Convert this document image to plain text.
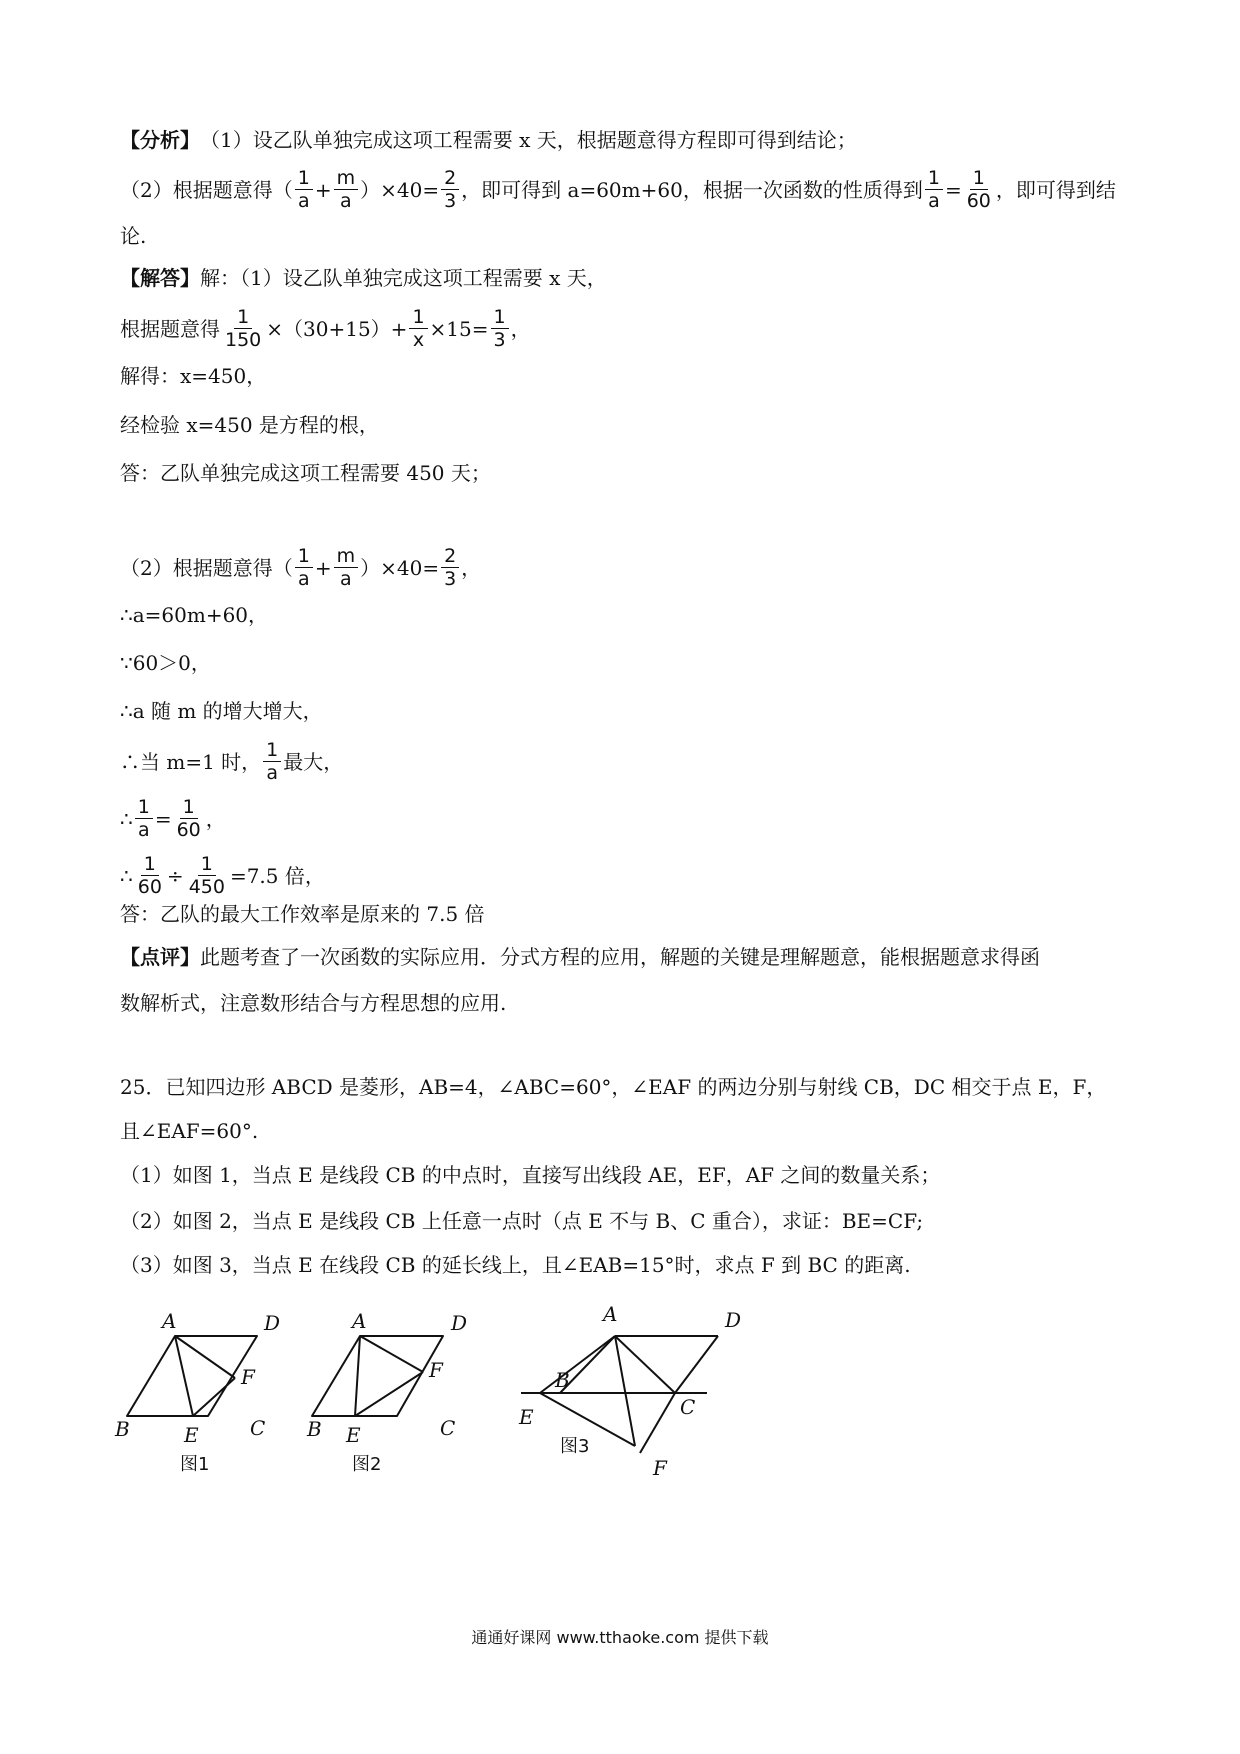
【分析】 （1）设乙队单独完成这项工程需要 x 天，根据题意得方程即可得到结论；
（2）根据题意得（ $\frac{1}{a} + \frac{m}{a} )\times 40= \frac{2}{3}$ ，即可得到 a=60m+60，根据一次函数的性质得到 $\frac{1}{a} = \frac{1}{60}$ ，即可得到结
论.
【解答】 解：（1）设乙队单独完成这项工程需要 x 天，
根据题意得 $\frac{1}{150} \times(30+15)+ \frac{1}{x} \times 15= \frac{1}{3}$ ，
解得：x=450，
经检验 x=450 是方程的根，
答：乙队单独完成这项工程需要 450 天；
（2）根据题意得（ $\frac{1}{a} + \frac{m}{a} )\times 40= \frac{2}{3}$ ，
∴a=60m+60，
∵60＞0，
∴a 随 m 的增大增大，
∴当 m=1 时， $\frac{1}{a}$ 最大，
∴ $\frac{1}{a} = \frac{1}{60}$ ，
∴ $\frac{1}{60} \div \frac{1}{450} =7.5$ 倍，
答：乙队的最大工作效率是原来的 7.5 倍
【点评】 此题考查了一次函数的实际应用．分式方程的应用，解题的关键是理解题意，能根据题意求得函
数解析式，注意数形结合与方程思想的应用.
25．已知四边形 ABCD 是菱形，AB=4，∠ABC=60°，∠EAF 的两边分别与射线 CB，DC 相交于点 E，F，
且∠EAF=60°.
（1）如图 1，当点 E 是线段 CB 的中点时，直接写出线段 AE，EF，AF 之间的数量关系；
（2）如图 2，当点 E 是线段 CB 上任意一点时（点 E 不与 B、C 重合），求证：BE=CF;
（3）如图 3，当点 E 在线段 CB 的延长线上，且∠EAB=15°时，求点 F 到 BC 的距离.
A	D
F
B	E	C
图1
A	D
F
B E	C
图2
A	D
B
C
E
F
图3
通通好课网 www.tthaoke.com 提供下载
